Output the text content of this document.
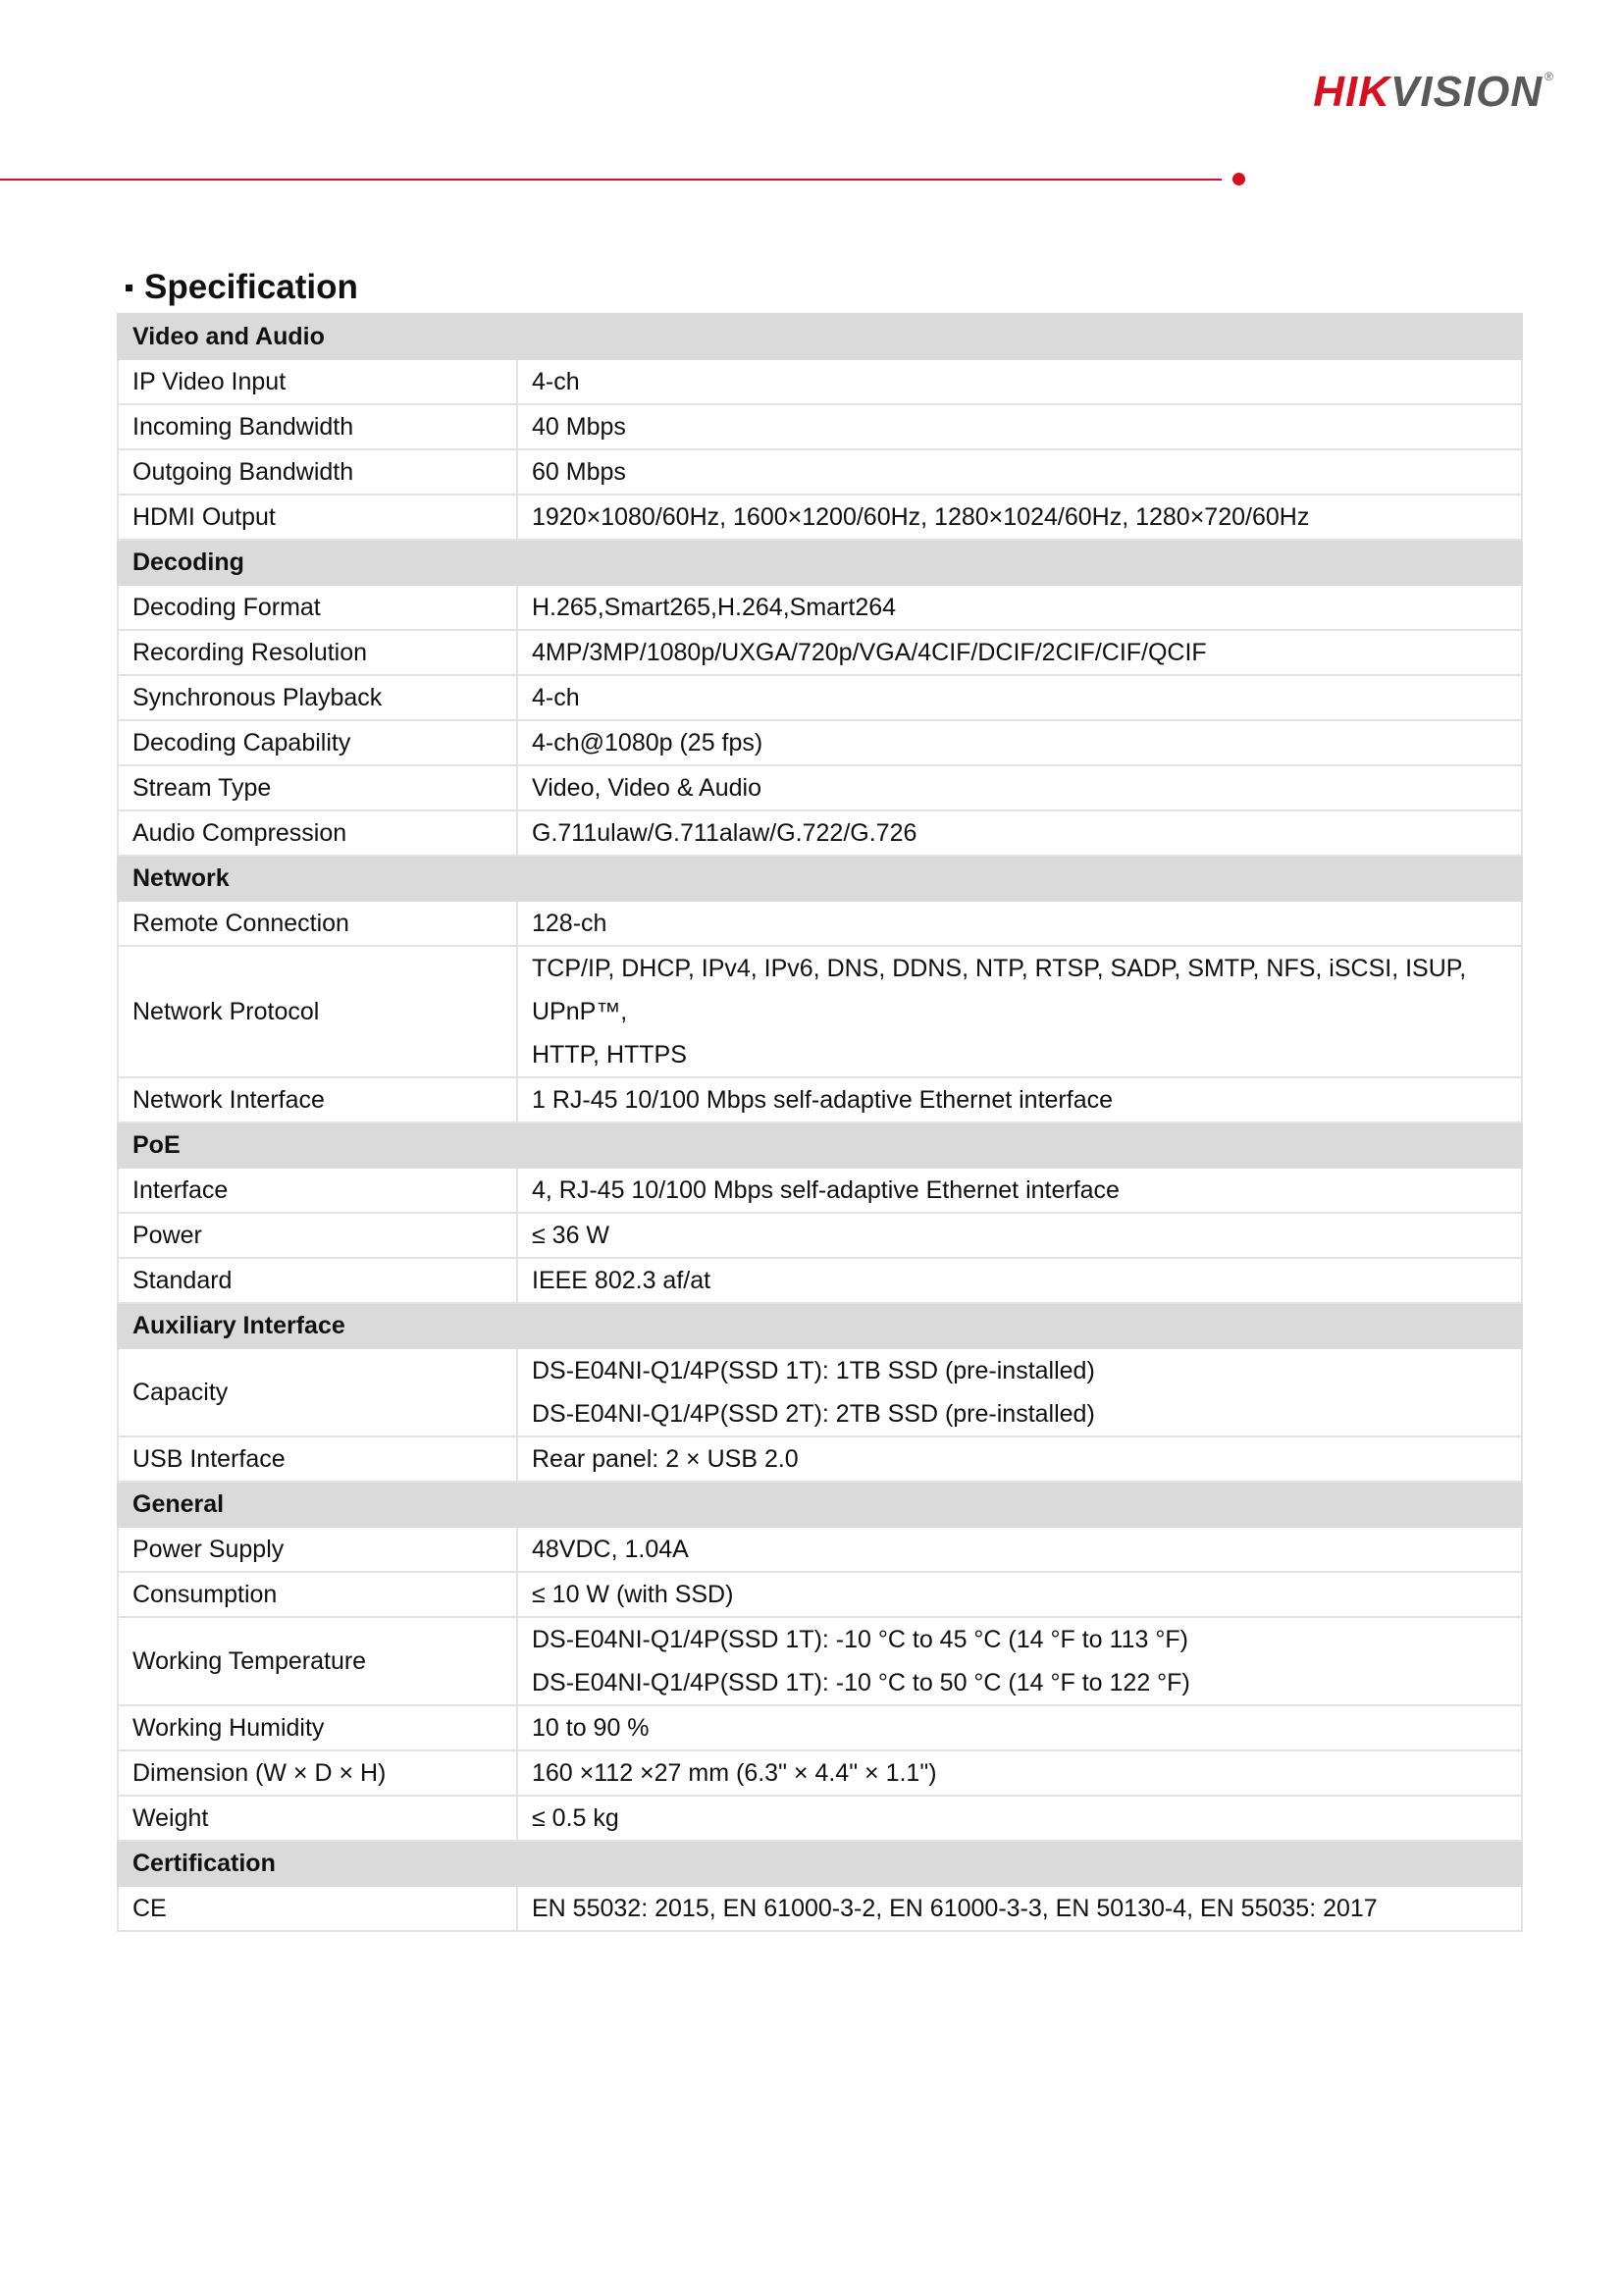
HIKVISION ®
Specification
Video and Audio	
IP Video Input	4-ch

Incoming Bandwidth	40 Mbps

Outgoing Bandwidth	60 Mbps

HDMI Output	1920×1080/60Hz, 1600×1200/60Hz, 1280×1024/60Hz, 1280×720/60Hz

Decoding	
Decoding Format	H.265,Smart265,H.264,Smart264

Recording Resolution	4MP/3MP/1080p/UXGA/720p/VGA/4CIF/DCIF/2CIF/CIF/QCIF

Synchronous Playback	4-ch

Decoding Capability	4-ch@1080p (25 fps)

Stream Type	Video, Video & Audio

Audio Compression	G.711ulaw/G.711alaw/G.722/G.726

Network	
Remote Connection	128-ch

Network Protocol	TCP/IP, DHCP, IPv4, IPv6, DNS, DDNS, NTP, RTSP, SADP, SMTP, NFS, iSCSI, ISUP, UPnP™,
HTTP, HTTPS

Network Interface	1 RJ-45 10/100 Mbps self-adaptive Ethernet interface

PoE	
Interface	4, RJ-45 10/100 Mbps self-adaptive Ethernet interface

Power	≤ 36 W

Standard	IEEE 802.3 af/at

Auxiliary Interface	
Capacity	DS-E04NI-Q1/4P(SSD 1T): 1TB SSD (pre-installed)
DS-E04NI-Q1/4P(SSD 2T): 2TB SSD (pre-installed)

USB Interface	Rear panel: 2 × USB 2.0

General	
Power Supply	48VDC, 1.04A

Consumption	≤ 10 W (with SSD)

Working Temperature	DS-E04NI-Q1/4P(SSD 1T): -10 °C to 45 °C (14 °F to 113 °F)
DS-E04NI-Q1/4P(SSD 1T): -10 °C to 50 °C (14 °F to 122 °F)

Working Humidity	10 to 90 %

Dimension (W × D × H)	160 ×112 ×27 mm (6.3" × 4.4" × 1.1")

Weight	≤ 0.5 kg

Certification	
CE	EN 55032: 2015, EN 61000-3-2, EN 61000-3-3, EN 50130-4, EN 55035: 2017
